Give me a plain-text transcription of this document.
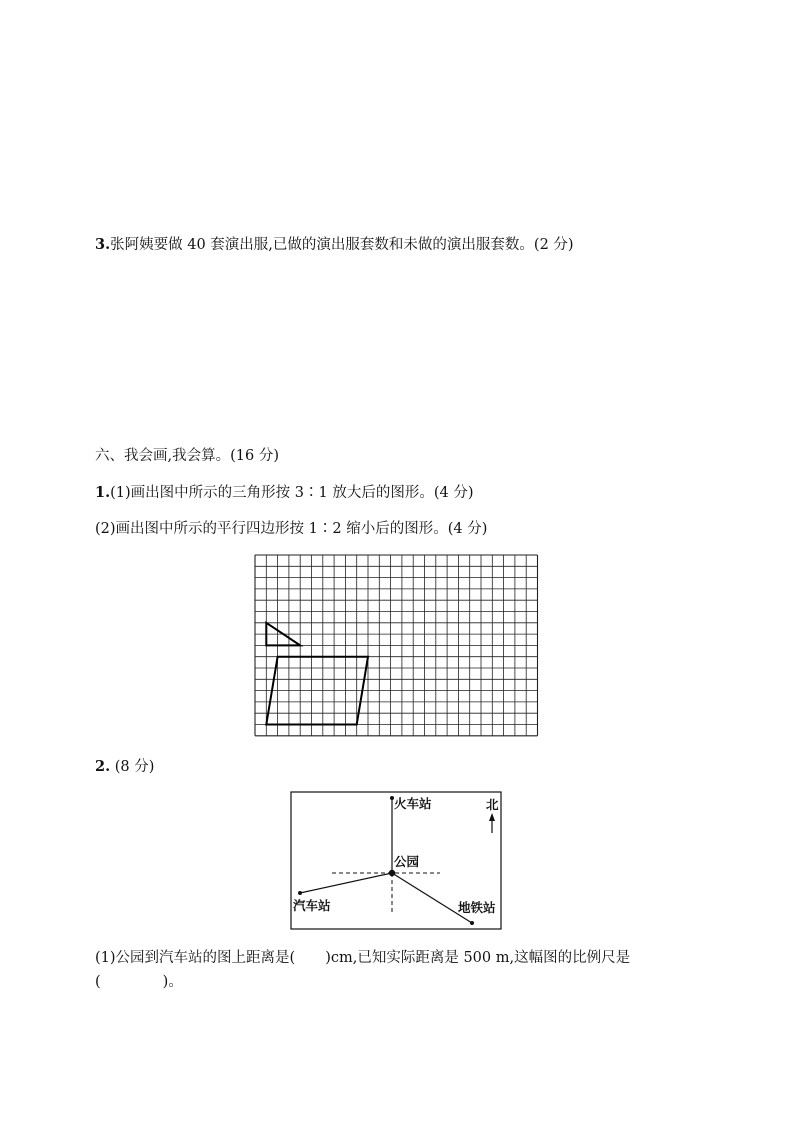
3.张阿姨要做 40 套演出服,已做的演出服套数和未做的演出服套数。(2 分)
六、我会画,我会算。(16 分)
1.(1)画出图中所示的三角形按 3∶1 放大后的图形。(4 分)
(2)画出图中所示的平行四边形按 1∶2 缩小后的图形。(4 分)
2. (8 分)
火车站	北
公园
汽车站	地铁站
(1)公园到汽车站的图上距离是( )cm,已知实际距离是 500 m,这幅图的比例尺是
(	)。
